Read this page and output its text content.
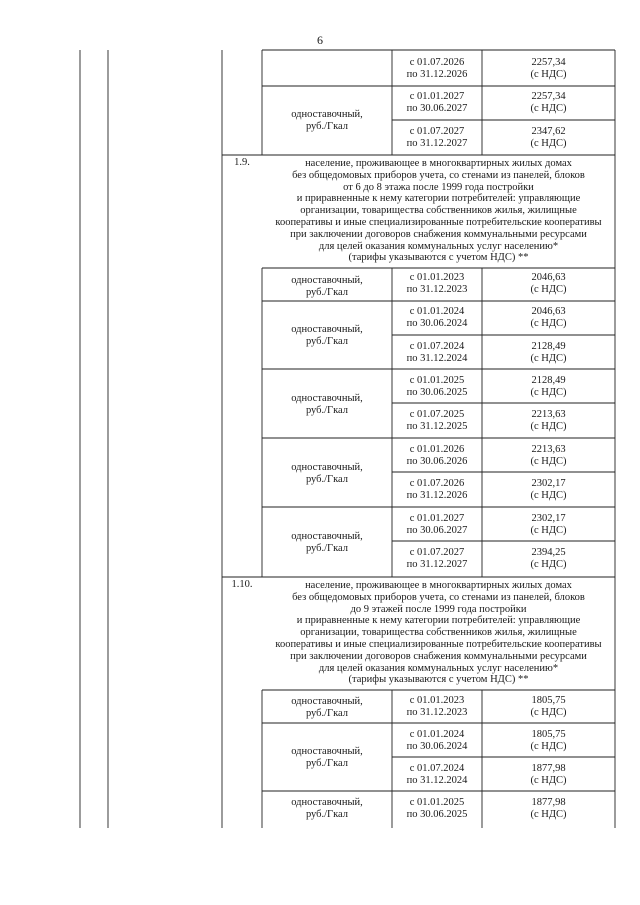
6
с 01.07.2026
по 31.12.2026
2257,34
(с НДС)
одноставочный,
руб./Гкал
с 01.01.2027
по 30.06.2027
2257,34
(с НДС)
с 01.07.2027
по 31.12.2027
2347,62
(с НДС)
1.9.	население, проживающее в многоквартирных жилых домах
без общедомовых приборов учета, со стенами из панелей, блоков
от 6 до 8 этажа после 1999 года постройки
и приравненные к нему категории потребителей: управляющие
организации, товарищества собственников жилья, жилищные
кооперативы и иные специализированные потребительские кооперативы
при заключении договоров снабжения коммунальными ресурсами
для целей оказания коммунальных услуг населению*
(тарифы указываются с учетом НДС) **
одноставочный,
руб./Гкал
с 01.01.2023
по 31.12.2023
2046,63
(с НДС)
одноставочный,
руб./Гкал
с 01.01.2024
по 30.06.2024
2046,63
(с НДС)
с 01.07.2024
по 31.12.2024
2128,49
(с НДС)
одноставочный,
руб./Гкал
с 01.01.2025
по 30.06.2025
2128,49
(с НДС)
с 01.07.2025
по 31.12.2025
2213,63
(с НДС)
одноставочный,
руб./Гкал
с 01.01.2026
по 30.06.2026
2213,63
(с НДС)
с 01.07.2026
по 31.12.2026
2302,17
(с НДС)
одноставочный,
руб./Гкал
с 01.01.2027
по 30.06.2027
2302,17
(с НДС)
с 01.07.2027
по 31.12.2027
2394,25
(с НДС)
1.10.	население, проживающее в многоквартирных жилых домах
без общедомовых приборов учета, со стенами из панелей, блоков
до 9 этажей после 1999 года постройки
и приравненные к нему категории потребителей: управляющие
организации, товарищества собственников жилья, жилищные
кооперативы и иные специализированные потребительские кооперативы
при заключении договоров снабжения коммунальными ресурсами
для целей оказания коммунальных услуг населению*
(тарифы указываются с учетом НДС) **
одноставочный,
руб./Гкал
с 01.01.2023
по 31.12.2023
1805,75
(с НДС)
одноставочный,
руб./Гкал
с 01.01.2024
по 30.06.2024
1805,75
(с НДС)
с 01.07.2024
по 31.12.2024
1877,98
(с НДС)
одноставочный,
руб./Гкал
с 01.01.2025
по 30.06.2025
1877,98
(с НДС)
